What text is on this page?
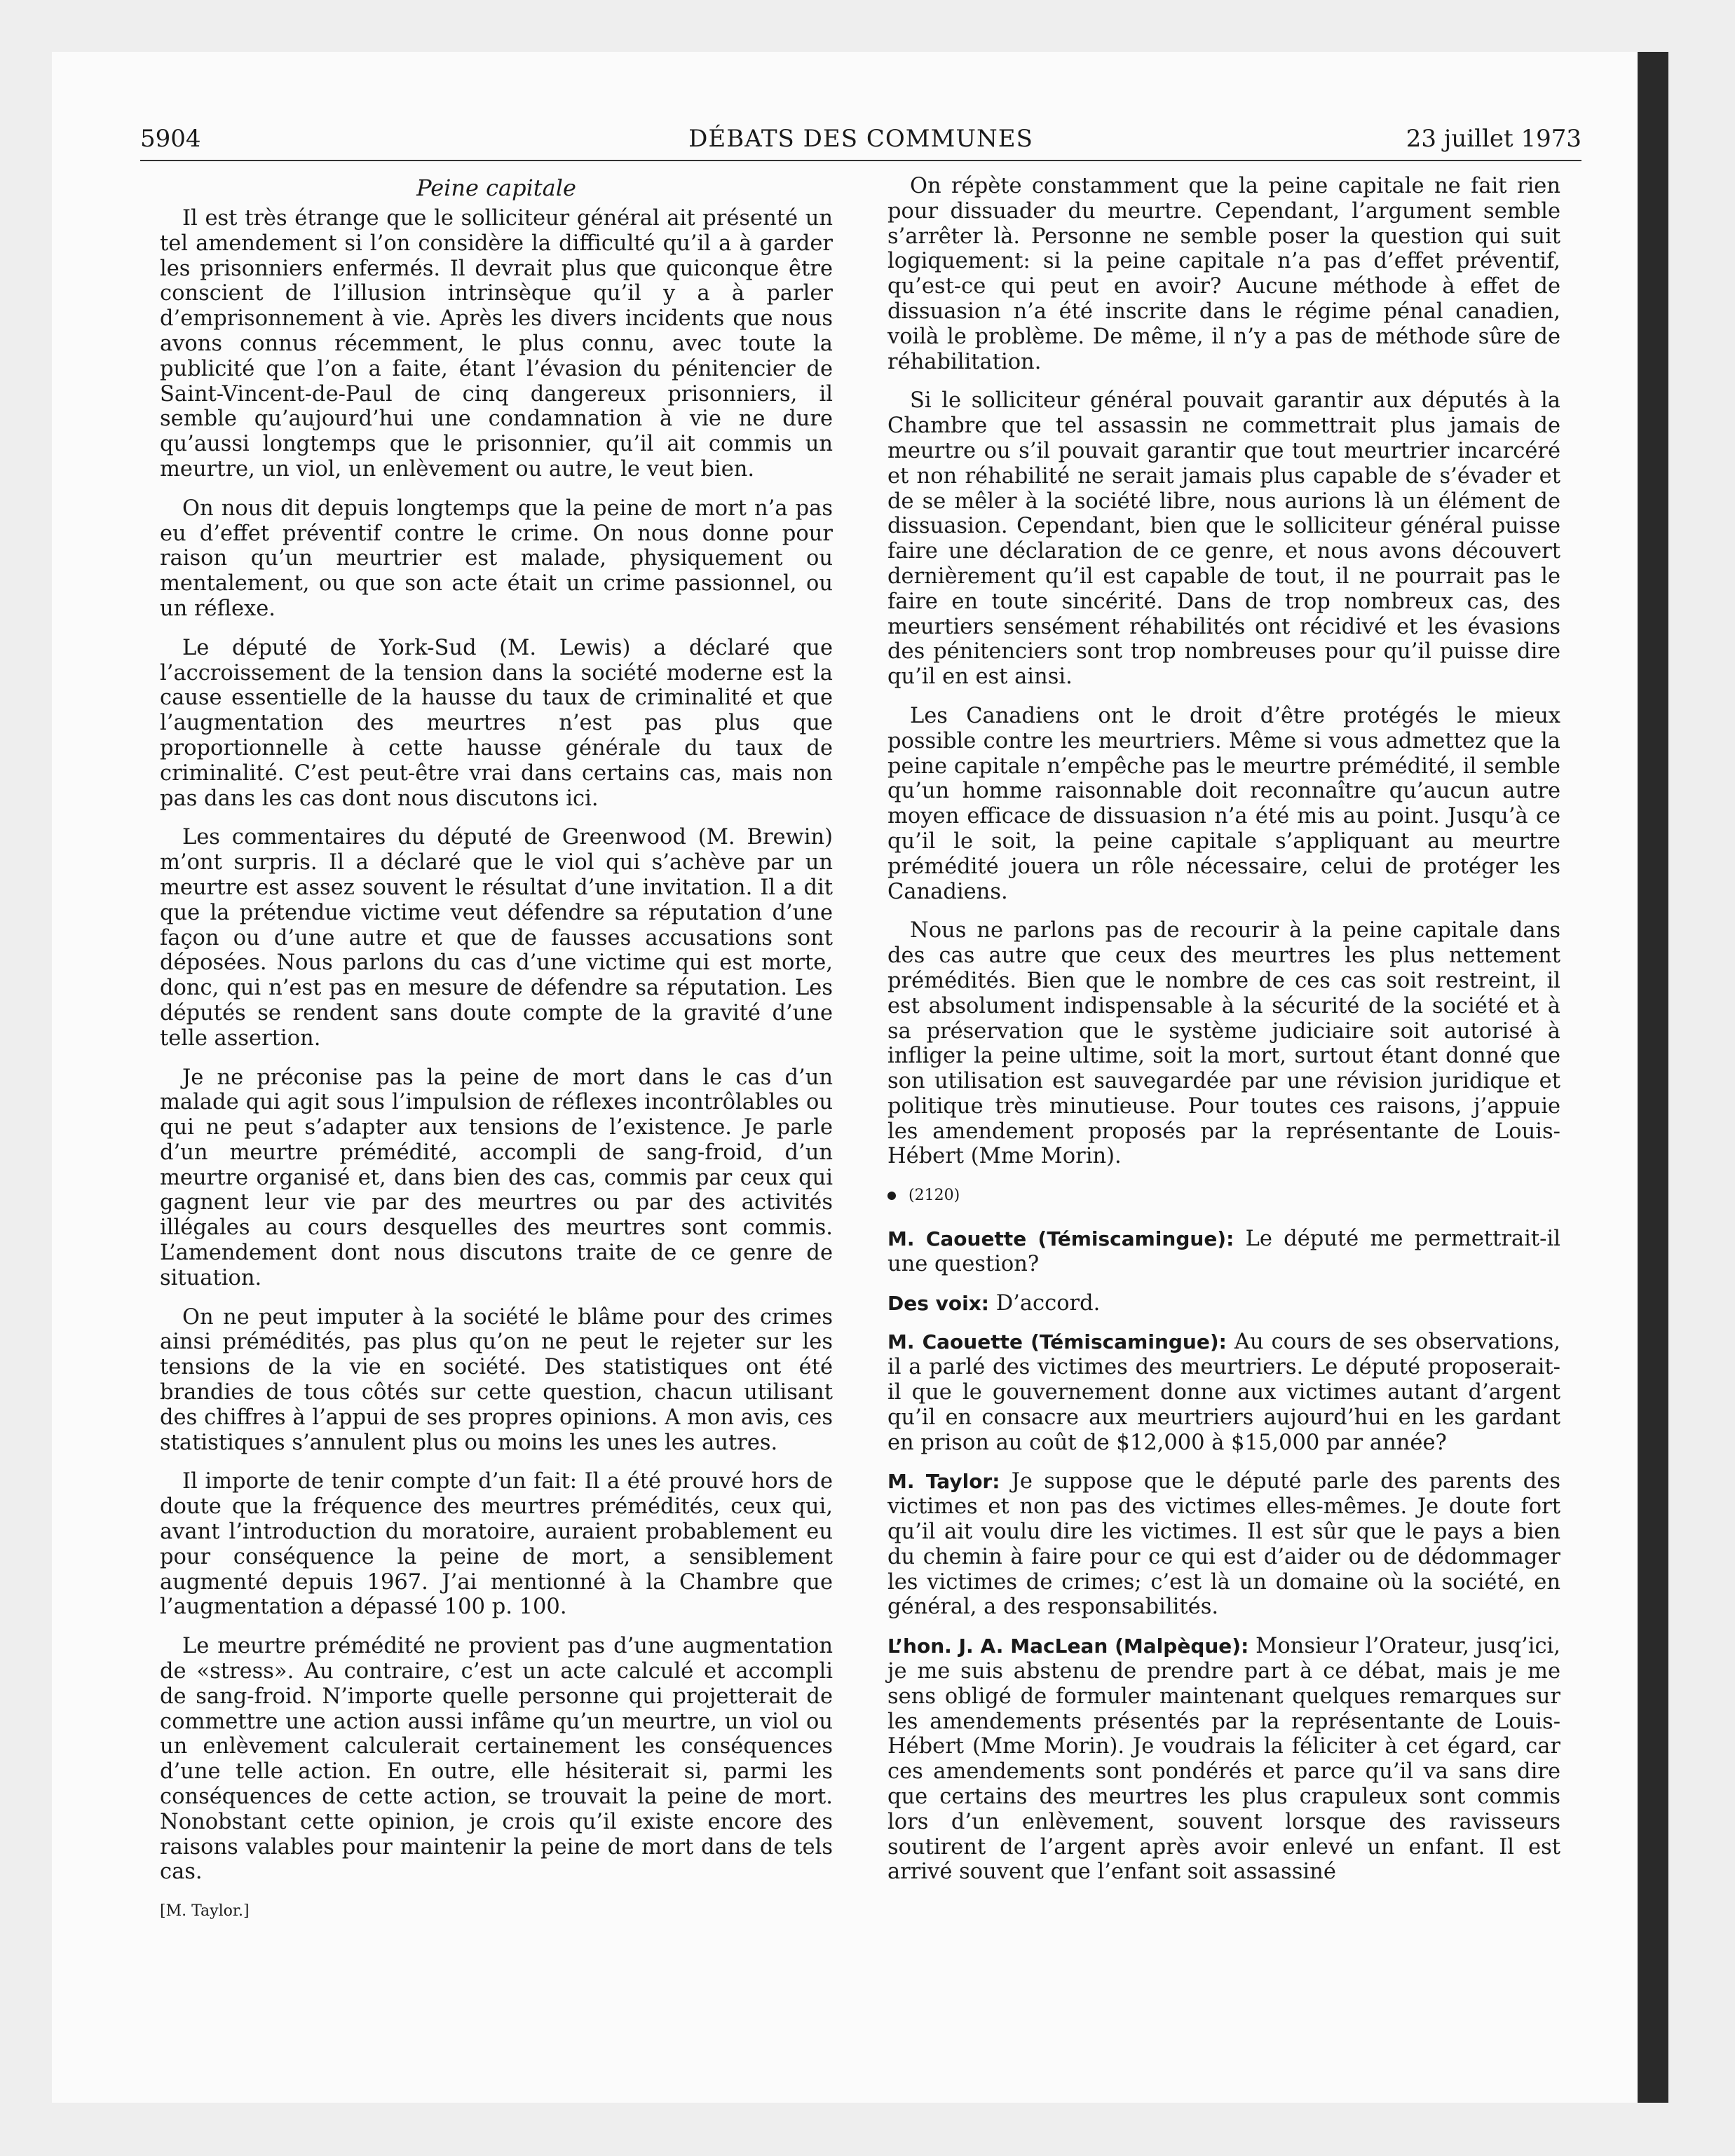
5904	DÉBATS DES COMMUNES	23 juillet 1973
Peine capitale

Il est très étrange que le solliciteur général ait présenté un tel amendement si l’on considère la difficulté qu’il a à garder les prisonniers enfermés. Il devrait plus que quiconque être conscient de l’illusion intrinsèque qu’il y a à parler d’emprisonnement à vie. Après les divers incidents que nous avons connus récemment, le plus connu, avec toute la publicité que l’on a faite, étant l’évasion du pénitencier de Saint-Vincent-de-Paul de cinq dangereux prisonniers, il semble qu’aujourd’hui une condamnation à vie ne dure qu’aussi longtemps que le prisonnier, qu’il ait commis un meurtre, un viol, un enlèvement ou autre, le veut bien.

On nous dit depuis longtemps que la peine de mort n’a pas eu d’effet préventif contre le crime. On nous donne pour raison qu’un meurtrier est malade, physiquement ou mentalement, ou que son acte était un crime passionnel, ou un réflexe.

Le député de York-Sud (M. Lewis) a déclaré que l’accroissement de la tension dans la société moderne est la cause essentielle de la hausse du taux de criminalité et que l’augmentation des meurtres n’est pas plus que proportionnelle à cette hausse générale du taux de criminalité. C’est peut-être vrai dans certains cas, mais non pas dans les cas dont nous discutons ici.

Les commentaires du député de Greenwood (M. Brewin) m’ont surpris. Il a déclaré que le viol qui s’achève par un meurtre est assez souvent le résultat d’une invitation. Il a dit que la prétendue victime veut défendre sa réputation d’une façon ou d’une autre et que de fausses accusations sont déposées. Nous parlons du cas d’une victime qui est morte, donc, qui n’est pas en mesure de défendre sa réputation. Les députés se rendent sans doute compte de la gravité d’une telle assertion.

Je ne préconise pas la peine de mort dans le cas d’un malade qui agit sous l’impulsion de réflexes incontrôlables ou qui ne peut s’adapter aux tensions de l’existence. Je parle d’un meurtre prémédité, accompli de sang-froid, d’un meurtre organisé et, dans bien des cas, commis par ceux qui gagnent leur vie par des meurtres ou par des activités illégales au cours desquelles des meurtres sont commis. L’amendement dont nous discutons traite de ce genre de situation.

On ne peut imputer à la société le blâme pour des crimes ainsi prémédités, pas plus qu’on ne peut le rejeter sur les tensions de la vie en société. Des statistiques ont été brandies de tous côtés sur cette question, chacun utilisant des chiffres à l’appui de ses propres opinions. A mon avis, ces statistiques s’annulent plus ou moins les unes les autres.

Il importe de tenir compte d’un fait: Il a été prouvé hors de doute que la fréquence des meurtres prémédités, ceux qui, avant l’introduction du moratoire, auraient probablement eu pour conséquence la peine de mort, a sensiblement augmenté depuis 1967. J’ai mentionné à la Chambre que l’augmentation a dépassé 100 p. 100.

Le meurtre prémédité ne provient pas d’une augmentation de «stress». Au contraire, c’est un acte calculé et accompli de sang-froid. N’importe quelle personne qui projetterait de commettre une action aussi infâme qu’un meurtre, un viol ou un enlèvement calculerait certainement les conséquences d’une telle action. En outre, elle hésiterait si, parmi les conséquences de cette action, se trouvait la peine de mort. Nonobstant cette opinion, je crois qu’il existe encore des raisons valables pour maintenir la peine de mort dans de tels cas.

[M. Taylor.]

On répète constamment que la peine capitale ne fait rien pour dissuader du meurtre. Cependant, l’argument semble s’arrêter là. Personne ne semble poser la question qui suit logiquement: si la peine capitale n’a pas d’effet préventif, qu’est-ce qui peut en avoir? Aucune méthode à effet de dissuasion n’a été inscrite dans le régime pénal canadien, voilà le problème. De même, il n’y a pas de méthode sûre de réhabilitation.

Si le solliciteur général pouvait garantir aux députés à la Chambre que tel assassin ne commettrait plus jamais de meurtre ou s’il pouvait garantir que tout meurtrier incarcéré et non réhabilité ne serait jamais plus capable de s’évader et de se mêler à la société libre, nous aurions là un élément de dissuasion. Cependant, bien que le solliciteur général puisse faire une déclaration de ce genre, et nous avons découvert dernièrement qu’il est capable de tout, il ne pourrait pas le faire en toute sincérité. Dans de trop nombreux cas, des meurtiers sensément réhabilités ont récidivé et les évasions des pénitenciers sont trop nombreuses pour qu’il puisse dire qu’il en est ainsi.

Les Canadiens ont le droit d’être protégés le mieux possible contre les meurtriers. Même si vous admettez que la peine capitale n’empêche pas le meurtre prémédité, il semble qu’un homme raisonnable doit reconnaître qu’aucun autre moyen efficace de dissuasion n’a été mis au point. Jusqu’à ce qu’il le soit, la peine capitale s’appliquant au meurtre prémédité jouera un rôle nécessaire, celui de protéger les Canadiens.

Nous ne parlons pas de recourir à la peine capitale dans des cas autre que ceux des meurtres les plus nettement prémédités. Bien que le nombre de ces cas soit restreint, il est absolument indispensable à la sécurité de la société et à sa préservation que le système judiciaire soit autorisé à infliger la peine ultime, soit la mort, surtout étant donné que son utilisation est sauvegardée par une révision juridique et politique très minutieuse. Pour toutes ces raisons, j’appuie les amendement proposés par la représentante de Louis-Hébert (Mme Morin).

(2120)

M. Caouette (Témiscamingue): Le député me permettrait-il une question?

Des voix: D’accord.

M. Caouette (Témiscamingue): Au cours de ses observations, il a parlé des victimes des meurtriers. Le député proposerait-il que le gouvernement donne aux victimes autant d’argent qu’il en consacre aux meurtriers aujourd’hui en les gardant en prison au coût de $12,000 à $15,000 par année?

M. Taylor: Je suppose que le député parle des parents des victimes et non pas des victimes elles-mêmes. Je doute fort qu’il ait voulu dire les victimes. Il est sûr que le pays a bien du chemin à faire pour ce qui est d’aider ou de dédommager les victimes de crimes; c’est là un domaine où la société, en général, a des responsabilités.

L’hon. J. A. MacLean (Malpèque): Monsieur l’Orateur, jusq’ici, je me suis abstenu de prendre part à ce débat, mais je me sens obligé de formuler maintenant quelques remarques sur les amendements présentés par la représentante de Louis-Hébert (Mme Morin). Je voudrais la féliciter à cet égard, car ces amendements sont pondérés et parce qu’il va sans dire que certains des meurtres les plus crapuleux sont commis lors d’un enlèvement, souvent lorsque des ravisseurs soutirent de l’argent après avoir enlevé un enfant. Il est arrivé souvent que l’enfant soit assassiné
